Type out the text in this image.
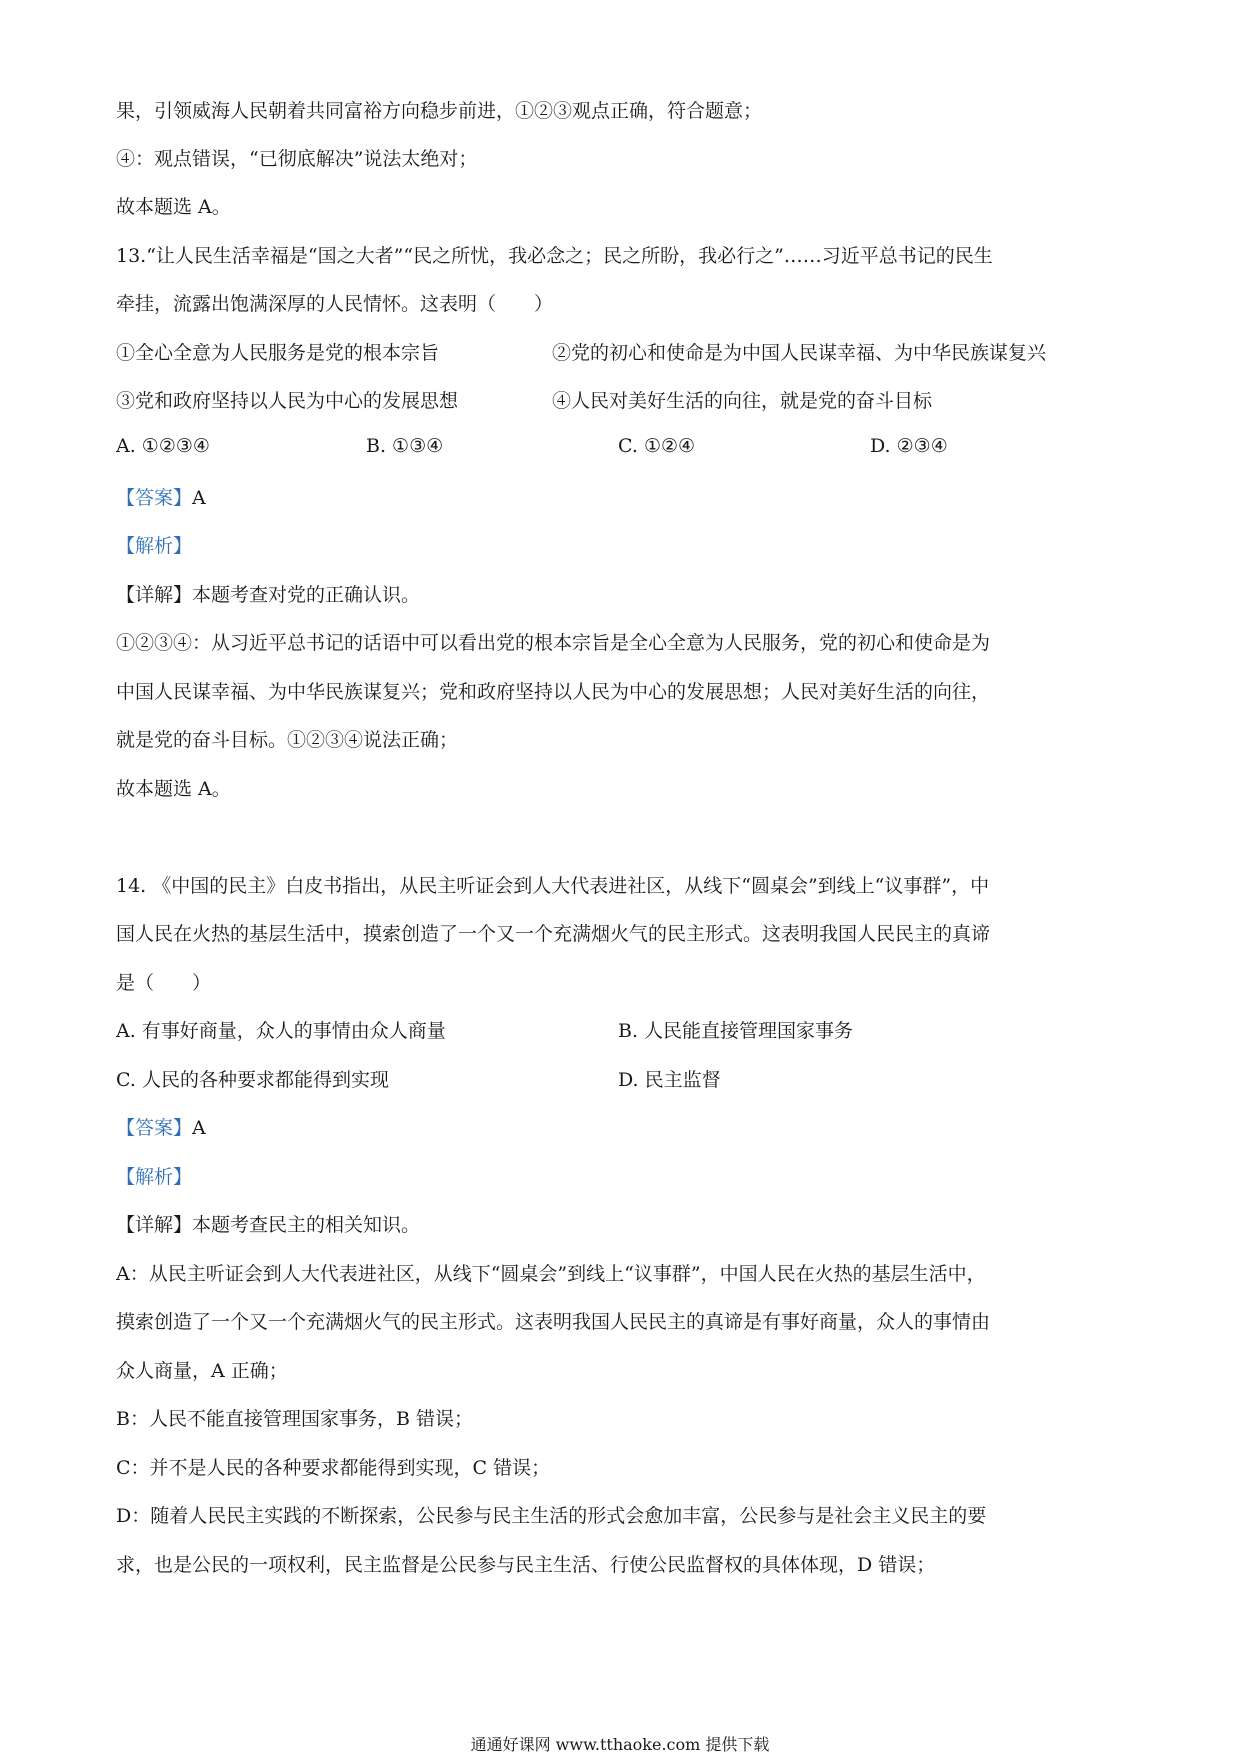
果，引领威海人民朝着共同富裕方向稳步前进，①②③观点正确，符合题意；
④：观点错误，“已彻底解决”说法太绝对；
故本题选 A。
13.“让人民生活幸福是“国之大者”“民之所忧，我必念之；民之所盼，我必行之”……习近平总书记的民生
牵挂，流露出饱满深厚的人民情怀。这表明（　　）
①全心全意为人民服务是党的根本宗旨	②党的初心和使命是为中国人民谋幸福、为中华民族谋复兴
③党和政府坚持以人民为中心的发展思想	④人民对美好生活的向往，就是党的奋斗目标
A. ①②③④	B. ①③④	C. ①②④	D. ②③④
【答案】A
【解析】
【详解】本题考查对党的正确认识。
①②③④：从习近平总书记的话语中可以看出党的根本宗旨是全心全意为人民服务，党的初心和使命是为
中国人民谋幸福、为中华民族谋复兴；党和政府坚持以人民为中心的发展思想；人民对美好生活的向往，
就是党的奋斗目标。①②③④说法正确；
故本题选 A。
14. 《中国的民主》白皮书指出，从民主听证会到人大代表进社区，从线下“圆桌会”到线上“议事群”，中
国人民在火热的基层生活中，摸索创造了一个又一个充满烟火气的民主形式。这表明我国人民民主的真谛
是（　　）
A. 有事好商量，众人的事情由众人商量	B. 人民能直接管理国家事务
C. 人民的各种要求都能得到实现	D. 民主监督
【答案】A
【解析】
【详解】本题考查民主的相关知识。
A：从民主听证会到人大代表进社区，从线下“圆桌会”到线上“议事群”，中国人民在火热的基层生活中，
摸索创造了一个又一个充满烟火气的民主形式。这表明我国人民民主的真谛是有事好商量，众人的事情由
众人商量，A 正确；
B：人民不能直接管理国家事务，B 错误；
C：并不是人民的各种要求都能得到实现，C 错误；
D：随着人民民主实践的不断探索，公民参与民主生活的形式会愈加丰富，公民参与是社会主义民主的要
求，也是公民的一项权利，民主监督是公民参与民主生活、行使公民监督权的具体体现，D 错误；
通通好课网 www.tthaoke.com 提供下载
